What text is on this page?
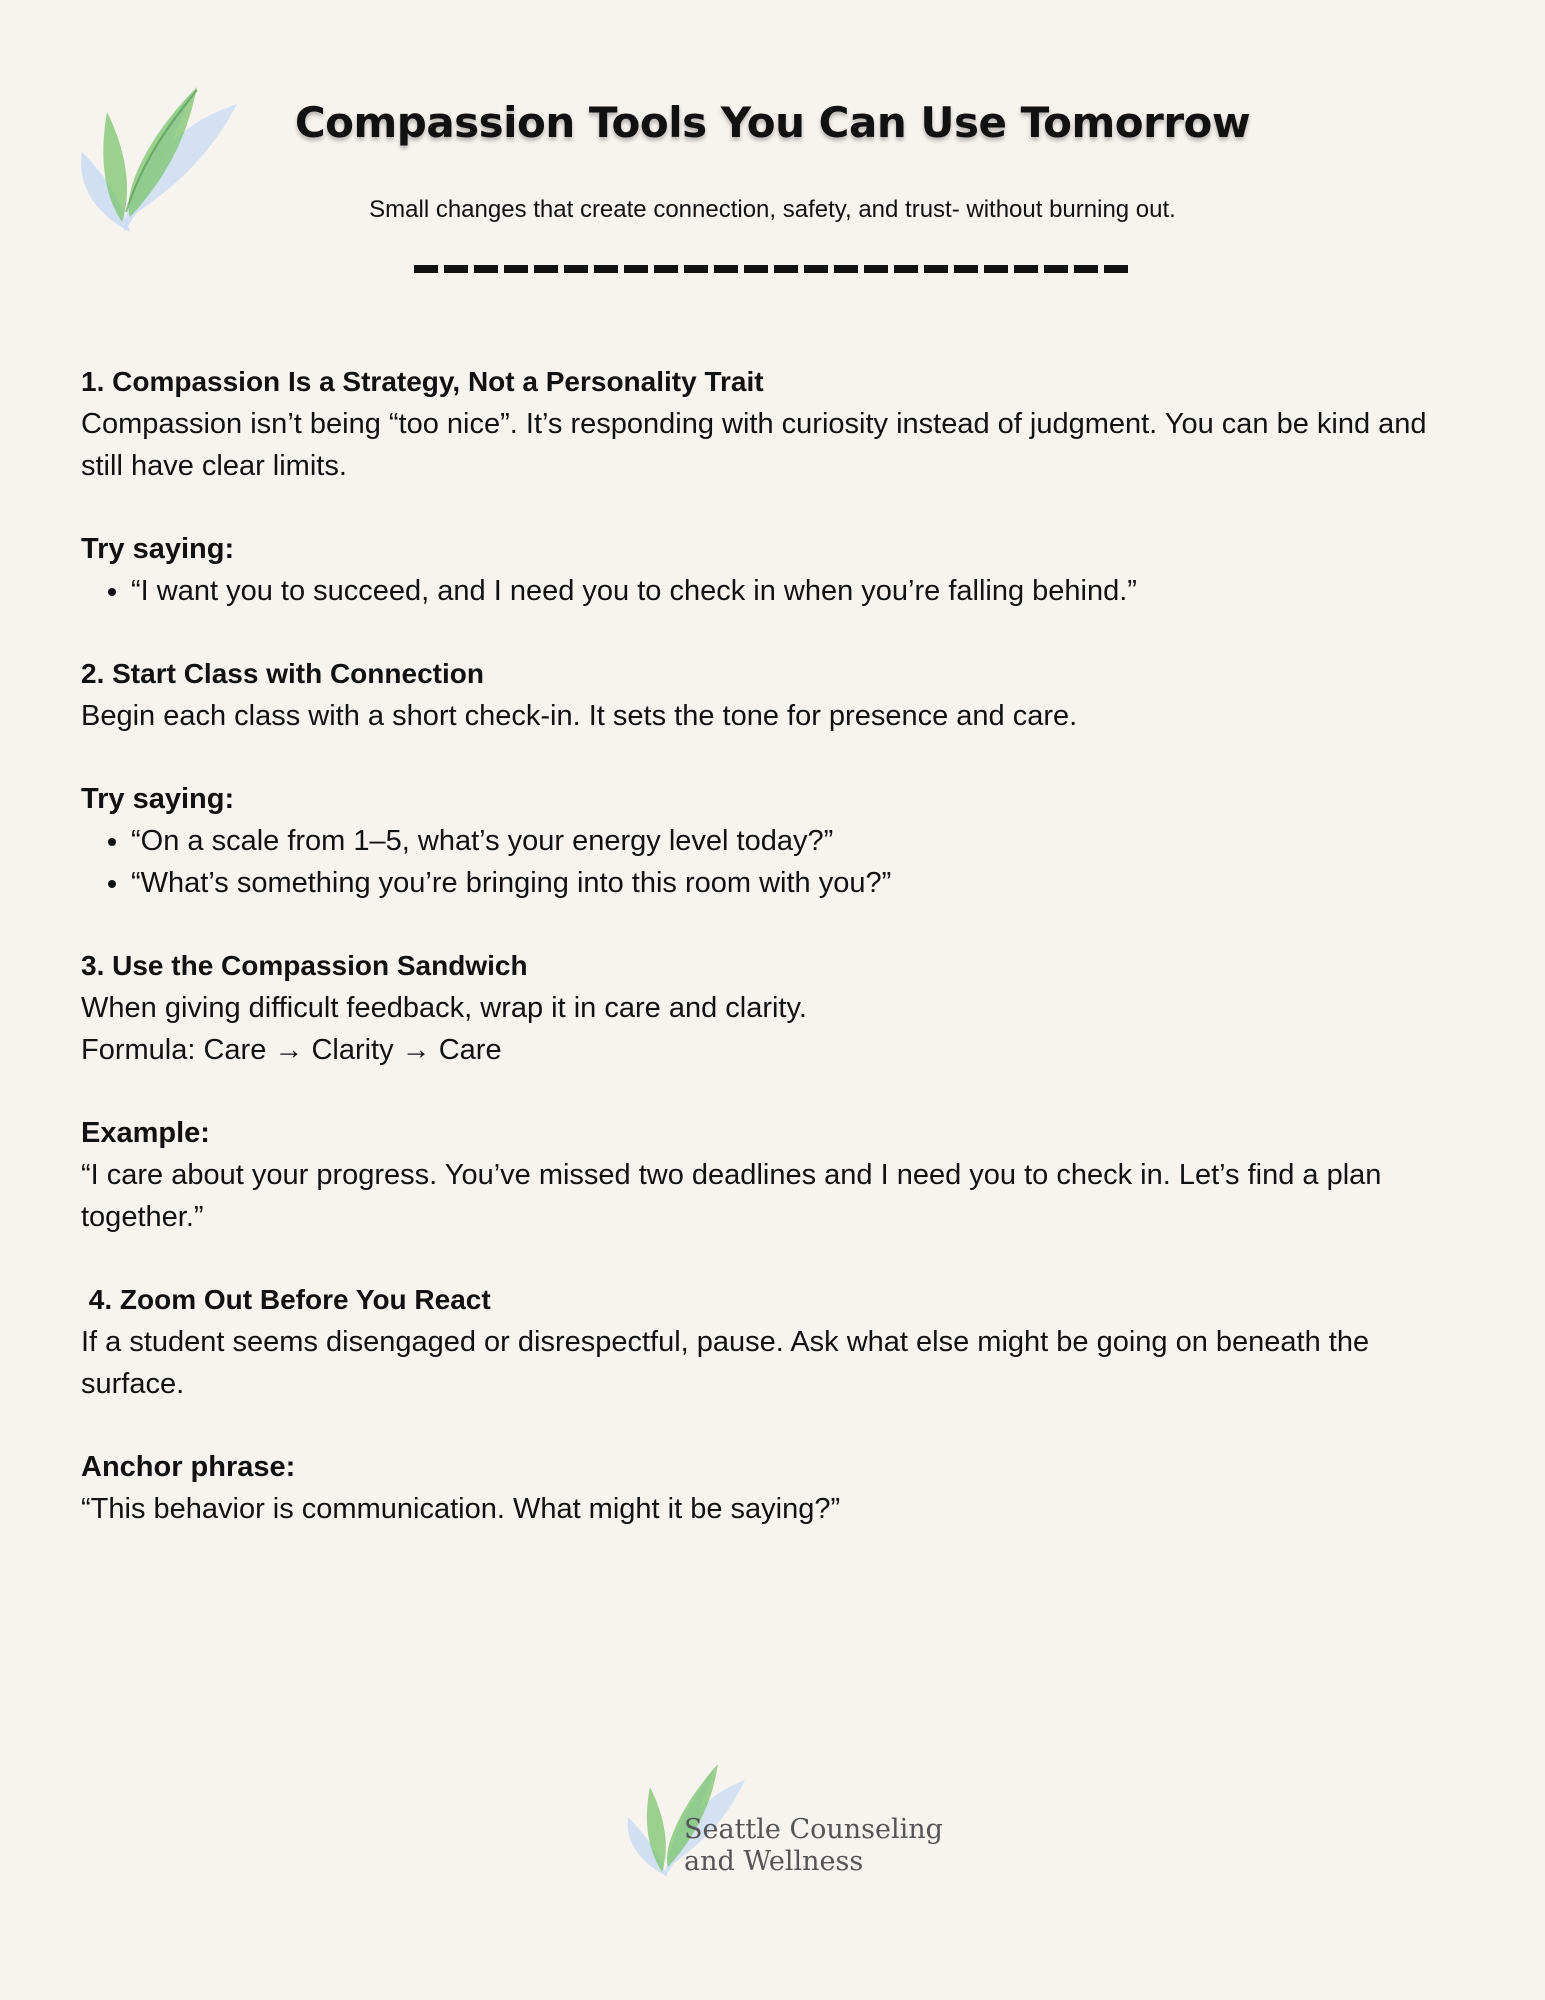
Compassion Tools You Can Use Tomorrow

Small changes that create connection, safety, and trust- without burning out.

1. Compassion Is a Strategy, Not a Personality Trait

Compassion isn’t being “too nice”. It’s responding with curiosity instead of judgment. You can be kind and still have clear limits.

Try saying:

• “I want you to succeed, and I need you to check in when you’re falling behind.”
2. Start Class with Connection

Begin each class with a short check-in. It sets the tone for presence and care.

Try saying:

• “On a scale from 1–5, what’s your energy level today?”
• “What’s something you’re bringing into this room with you?”
3. Use the Compassion Sandwich

When giving difficult feedback, wrap it in care and clarity.

Formula: Care → Clarity → Care

Example:

“I care about your progress. You’ve missed two deadlines and I need you to check in. Let’s find a plan together.”

4. Zoom Out Before You React

If a student seems disengaged or disrespectful, pause. Ask what else might be going on beneath the surface.

Anchor phrase:

“This behavior is communication. What might it be saying?”

Seattle Counseling
and Wellness
